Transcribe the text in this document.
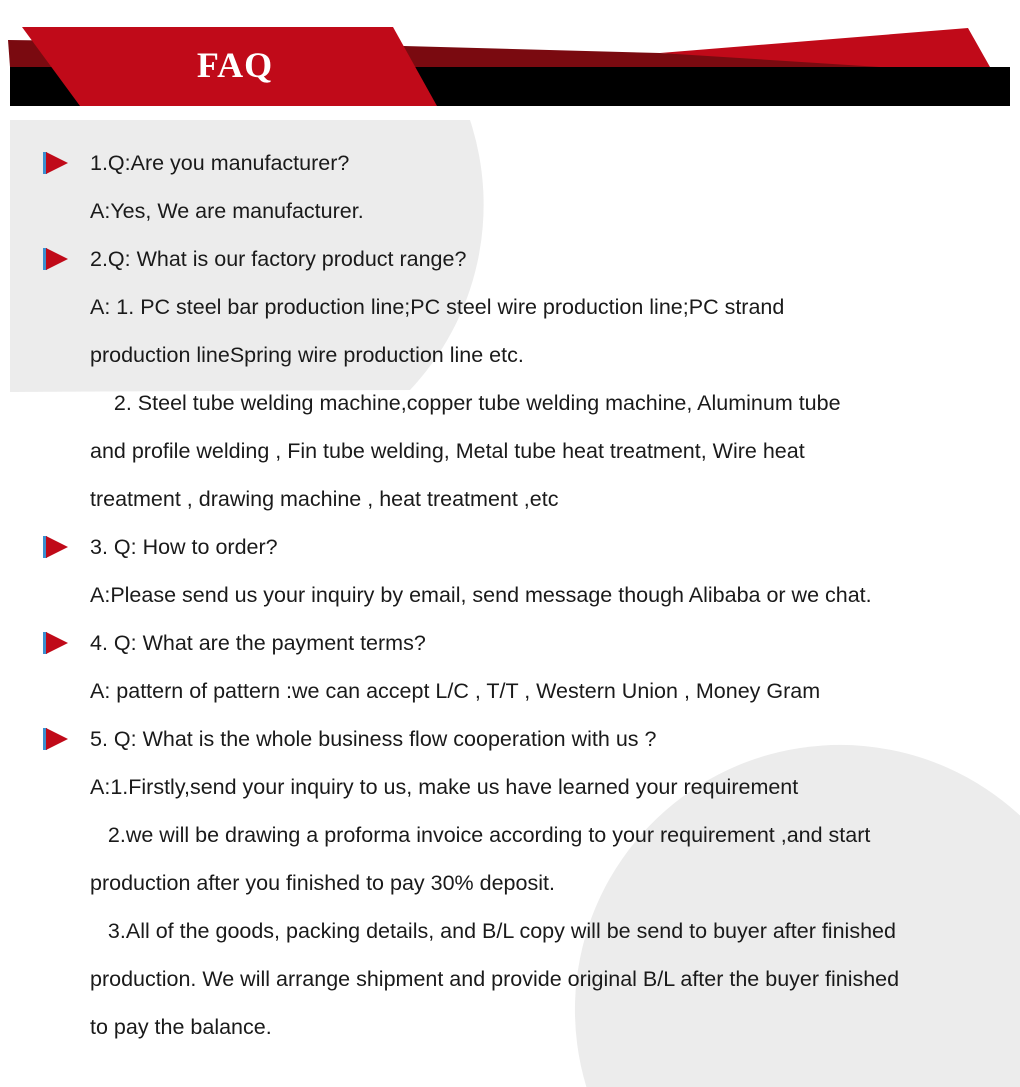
FAQ
1.Q:Are you manufacturer?
A:Yes, We are manufacturer.
2.Q: What is our factory product range?
A: 1. PC steel bar production line;PC steel wire production line;PC strand
production lineSpring wire production line etc.
2. Steel tube welding machine,copper tube welding machine, Aluminum tube
and profile welding , Fin tube welding, Metal tube heat treatment, Wire heat
treatment , drawing machine , heat treatment ,etc
3. Q: How to order?
A:Please send us your inquiry by email, send message though Alibaba or we chat.
4. Q: What are the payment terms?
A: pattern of pattern :we can accept L/C , T/T , Western Union , Money Gram
5. Q: What is the whole business flow cooperation with us ?
A:1.Firstly,send your inquiry to us, make us have learned your requirement
2.we will be drawing a proforma invoice according to your requirement ,and start
production after you finished to pay 30% deposit.
3.All of the goods, packing details, and B/L copy will be send to buyer after finished
production. We will arrange shipment and provide original B/L after the buyer finished
to pay the balance.
